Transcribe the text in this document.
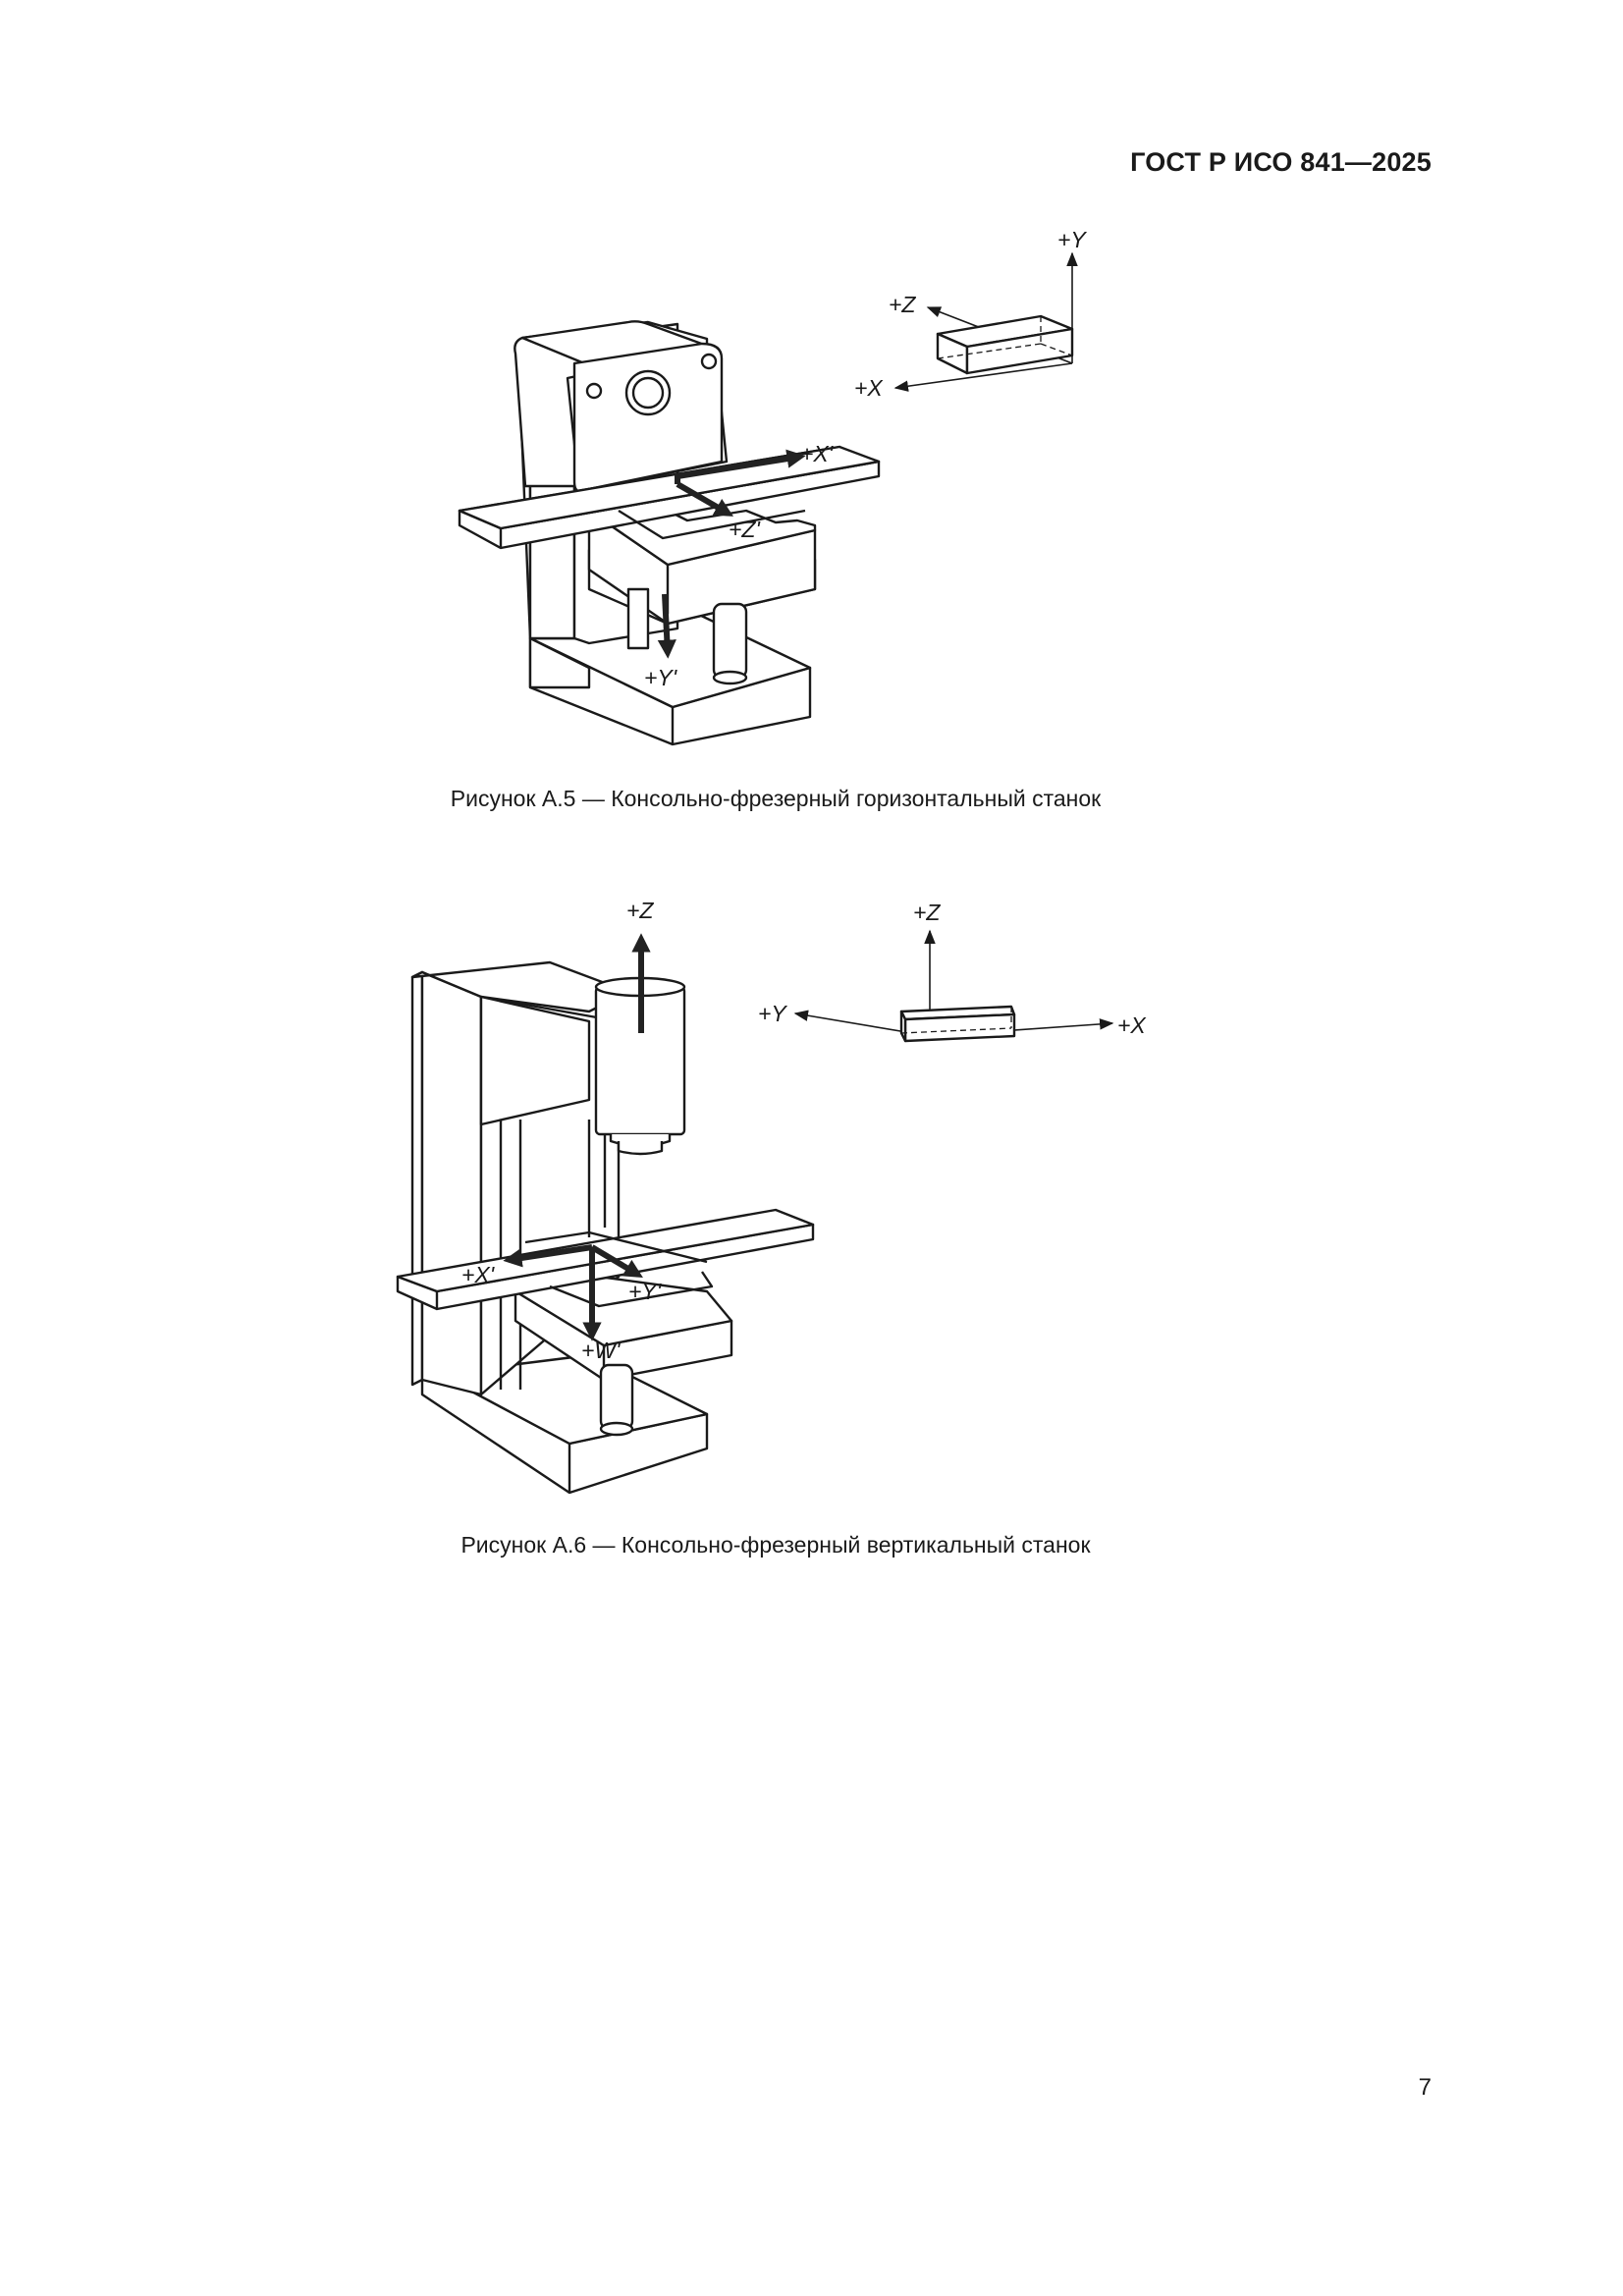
ГОСТ Р ИСО 841—2025
+X'
+Z'
+Y'
+Y
+Z
+X
Рисунок А.5 — Консольно-фрезерный горизонтальный станок
+Z
+X'
+Y'
+W'
+Z
+Y	+X
Рисунок А.6 — Консольно-фрезерный вертикальный станок
7
